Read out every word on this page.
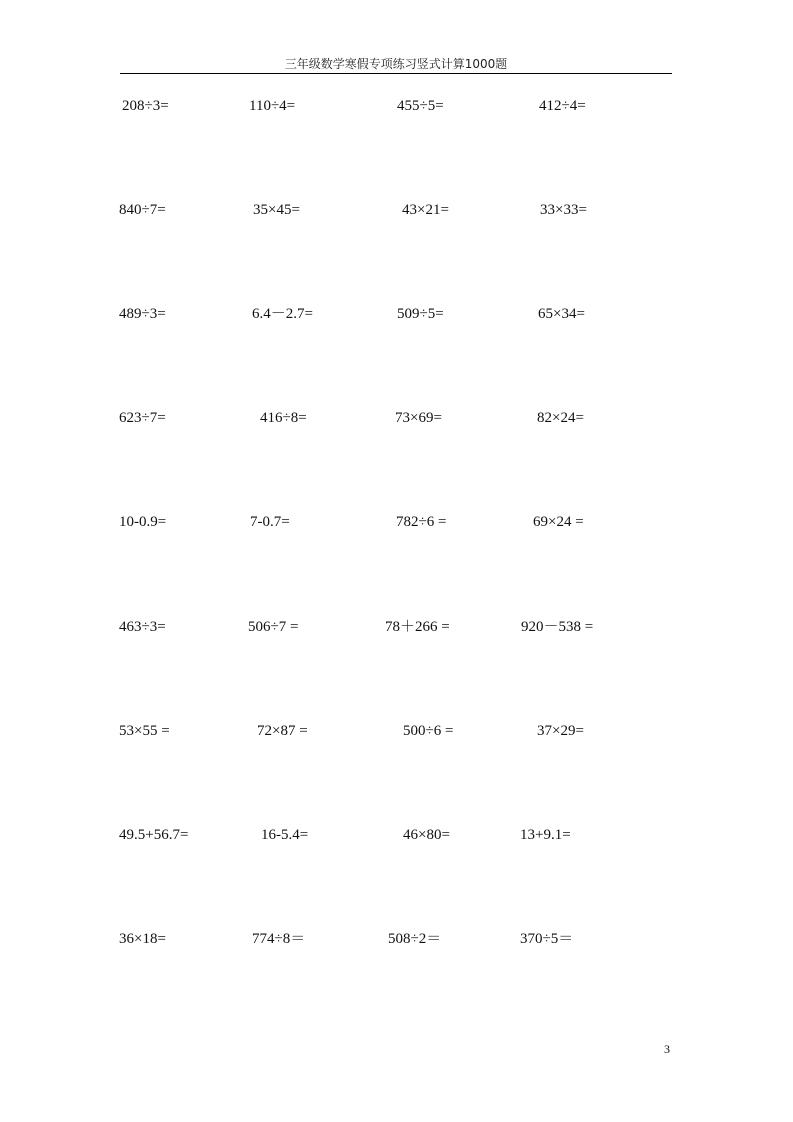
三年级数学寒假专项练习竖式计算1000题
208÷3=	110÷4=	455÷5=	412÷4=
840÷7=	35×45=	43×21=	33×33=
489÷3=	6.4－2.7=	509÷5=	65×34=
623÷7=	416÷8=	73×69=	82×24=
10-0.9=	7-0.7=	782÷6 =	69×24 =
463÷3=	506÷7 =	78＋266 =	920－538 =
53×55 =	72×87 =	500÷6 =	37×29=
49.5+56.7=	16-5.4=	46×80=	13+9.1=
36×18=	774÷8＝	508÷2＝	370÷5＝
3
